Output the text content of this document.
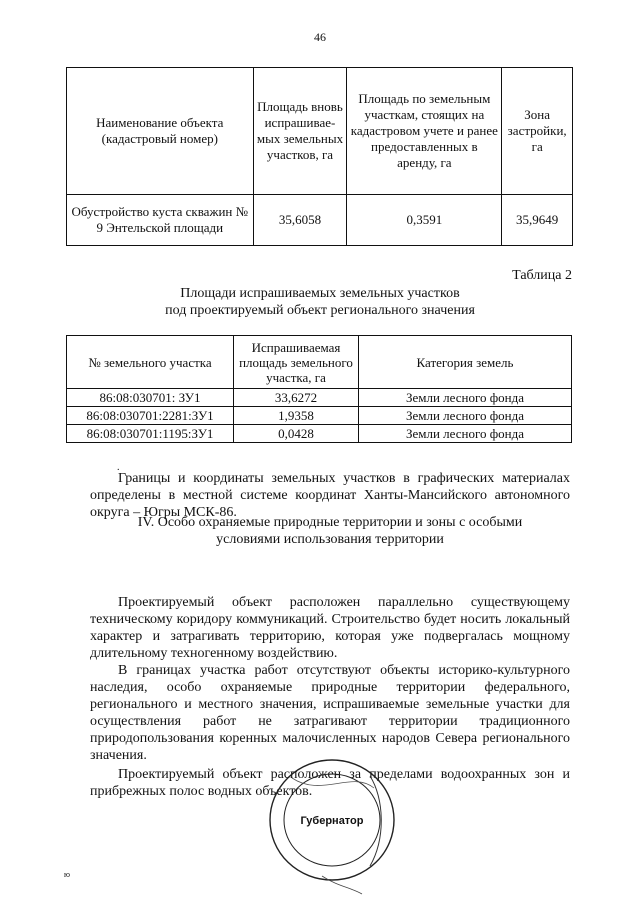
46
Наименование объекта (кадастровый номер)	Площадь вновь испрашивае-мых земельных участков, га	Площадь по земельным участкам, стоящих на кадастровом учете и ранее предоставленных в аренду, га	Зона застройки, га
Обустройство куста скважин № 9 Энтельской площади	35,6058	0,3591	35,9649
Таблица 2
Площади испрашиваемых земельных участков
под проектируемый объект регионального значения
№ земельного участка	Испрашиваемая площадь земельного участка, га	Категория земель
86:08:030701: ЗУ1	33,6272	Земли лесного фонда
86:08:030701:2281:ЗУ1	1,9358	Земли лесного фонда
86:08:030701:1195:ЗУ1	0,0428	Земли лесного фонда
.

Границы и координаты земельных участков в графических материалах определены в местной системе координат Ханты-Мансийского автономного округа – Югры МСК-86.

IV. Особо охраняемые природные территории и зоны с особыми
условиями использования территории

Проектируемый объект расположен параллельно существующему техническому коридору коммуникаций. Строительство будет носить локальный характер и затрагивать территорию, которая уже подвергалась мощному длительному техногенному воздействию.

В границах участка работ отсутствуют объекты историко-культурного наследия, особо охраняемые природные территории федерального, регионального и местного значения, испрашиваемые земельные участки для осуществления работ не затрагивают территории традиционного природопользования коренных малочисленных народов Севера регионального значения.

Проектируемый объект расположен за пределами водоохранных зон и прибрежных полос водных объектов.

Губернатор
ю
